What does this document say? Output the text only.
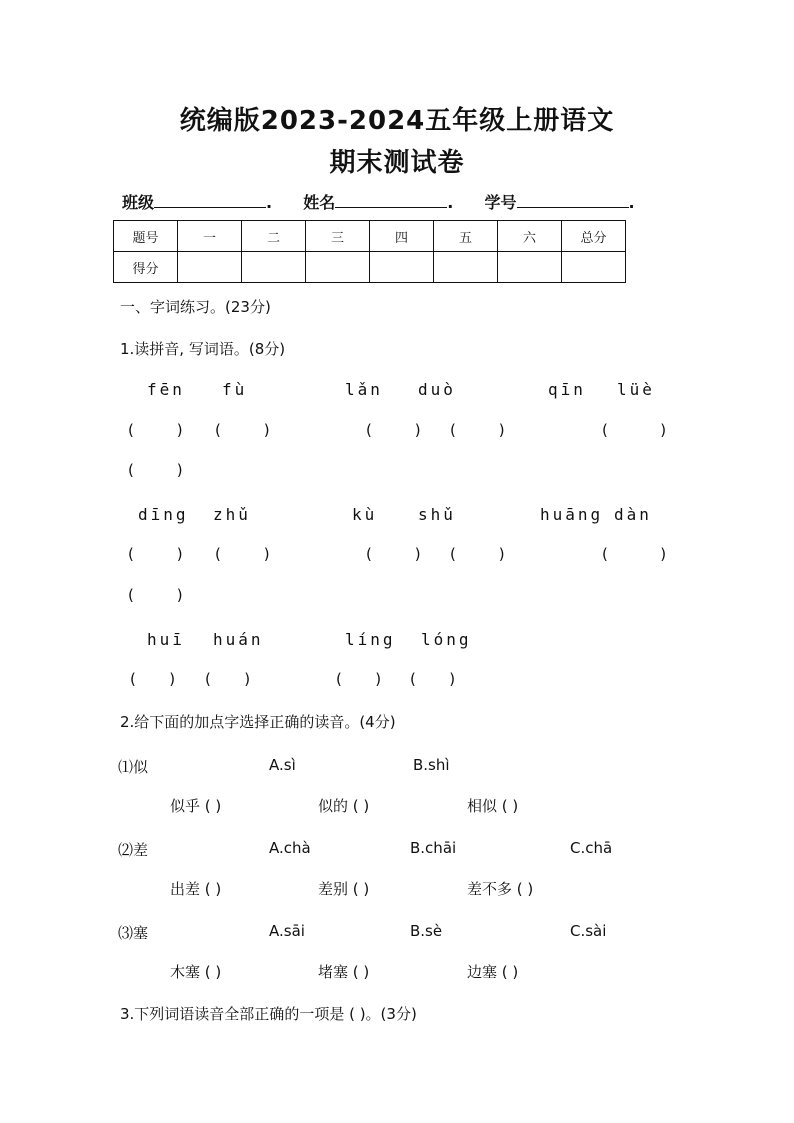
统编版2023-2024五年级上册语文
期末测试卷
班级	. 姓名	. 学号	.
题号	一	二	三	四	五	六	总分
得分							
一、字词练习。(23分)
1.读拼音, 写词语。(8分)
fēn fù	lǎn duò	qīn lüè
(         ) (         )	(         ) (         )	(           )
(         )
dīng zhǔ	kù	shǔ	huāng dàn
(         ) (         )	(         ) (         )	(           )
(         )
huī huán	líng lóng
(       ) (       )	(       ) (       )
2.给下面的加点字选择正确的读音。(4分)
⑴似	A.sì	B.shì
似乎 ( )	似的 ( )	相似 ( )
⑵差	A.chà	B.chāi	C.chā
出差 ( )	差别 ( )	差不多 ( )
⑶塞	A.sāi	B.sè	C.sài
木塞 ( )	堵塞 ( )	边塞 ( )
3.下列词语读音全部正确的一项是 ( )。(3分)
